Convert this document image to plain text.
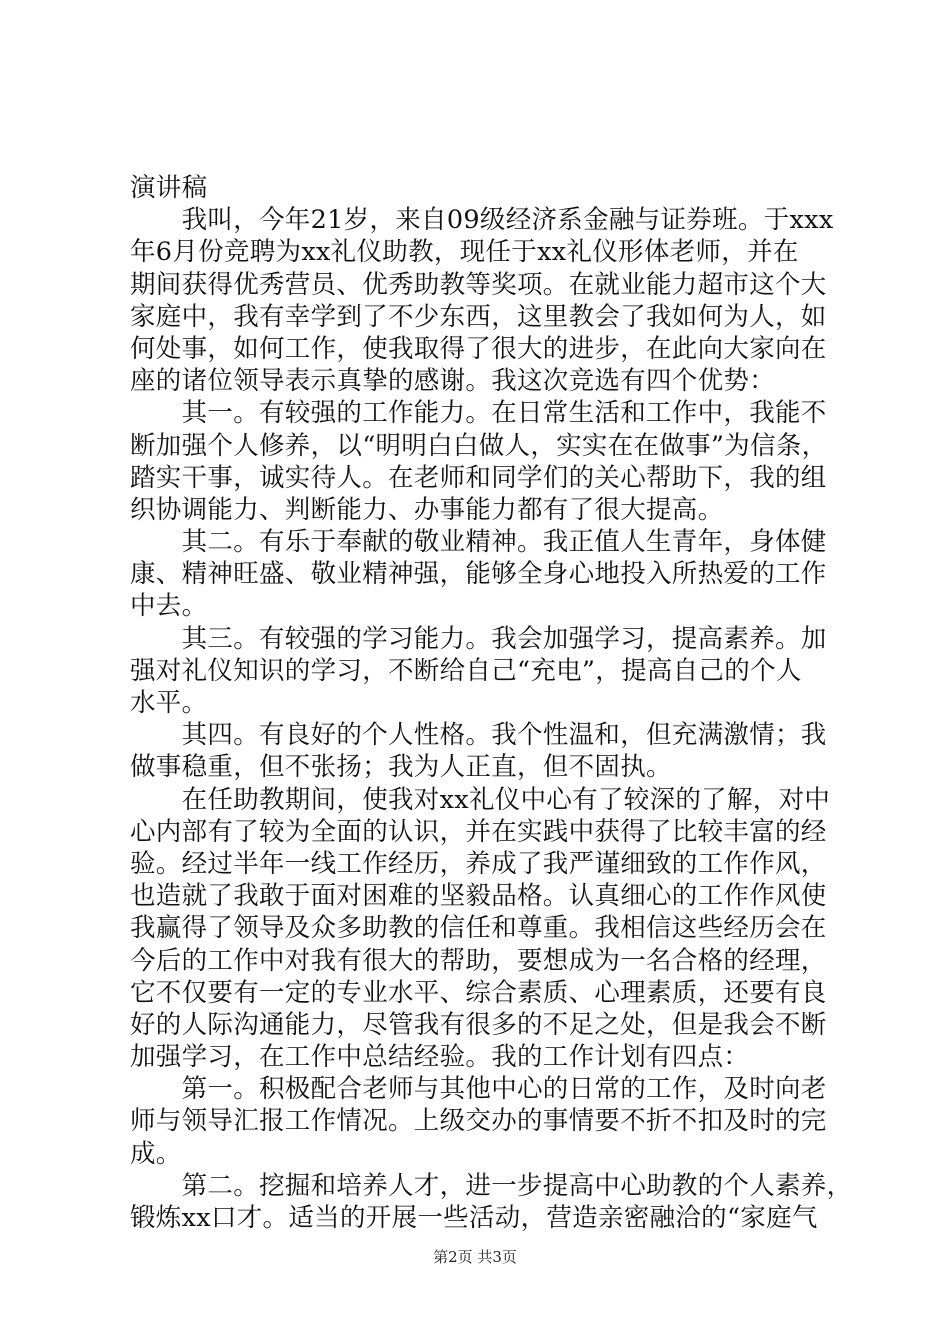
演讲稿
　　我叫，今年21岁，来自09级经济系金融与证券班。于xxx
年6月份竞聘为xx礼仪助教，现任于xx礼仪形体老师，并在
期间获得优秀营员、优秀助教等奖项。在就业能力超市这个大
家庭中，我有幸学到了不少东西，这里教会了我如何为人，如
何处事，如何工作，使我取得了很大的进步，在此向大家向在
座的诸位领导表示真挚的感谢。我这次竞选有四个优势：
　　其一。有较强的工作能力。在日常生活和工作中，我能不
断加强个人修养，以“明明白白做人，实实在在做事”为信条，
踏实干事，诚实待人。在老师和同学们的关心帮助下，我的组
织协调能力、判断能力、办事能力都有了很大提高。
　　其二。有乐于奉献的敬业精神。我正值人生青年，身体健
康、精神旺盛、敬业精神强，能够全身心地投入所热爱的工作
中去。
　　其三。有较强的学习能力。我会加强学习，提高素养。加
强对礼仪知识的学习，不断给自己“充电”，提高自己的个人
水平。
　　其四。有良好的个人性格。我个性温和，但充满激情；我
做事稳重，但不张扬；我为人正直，但不固执。
　　在任助教期间，使我对xx礼仪中心有了较深的了解，对中
心内部有了较为全面的认识，并在实践中获得了比较丰富的经
验。经过半年一线工作经历，养成了我严谨细致的工作作风，
也造就了我敢于面对困难的坚毅品格。认真细心的工作作风使
我赢得了领导及众多助教的信任和尊重。我相信这些经历会在
今后的工作中对我有很大的帮助，要想成为一名合格的经理，
它不仅要有一定的专业水平、综合素质、心理素质，还要有良
好的人际沟通能力，尽管我有很多的不足之处，但是我会不断
加强学习，在工作中总结经验。我的工作计划有四点：
　　第一。积极配合老师与其他中心的日常的工作，及时向老
师与领导汇报工作情况。上级交办的事情要不折不扣及时的完
成。
　　第二。挖掘和培养人才，进一步提高中心助教的个人素养，
锻炼xx口才。适当的开展一些活动，营造亲密融洽的“家庭气
第2页 共3页
